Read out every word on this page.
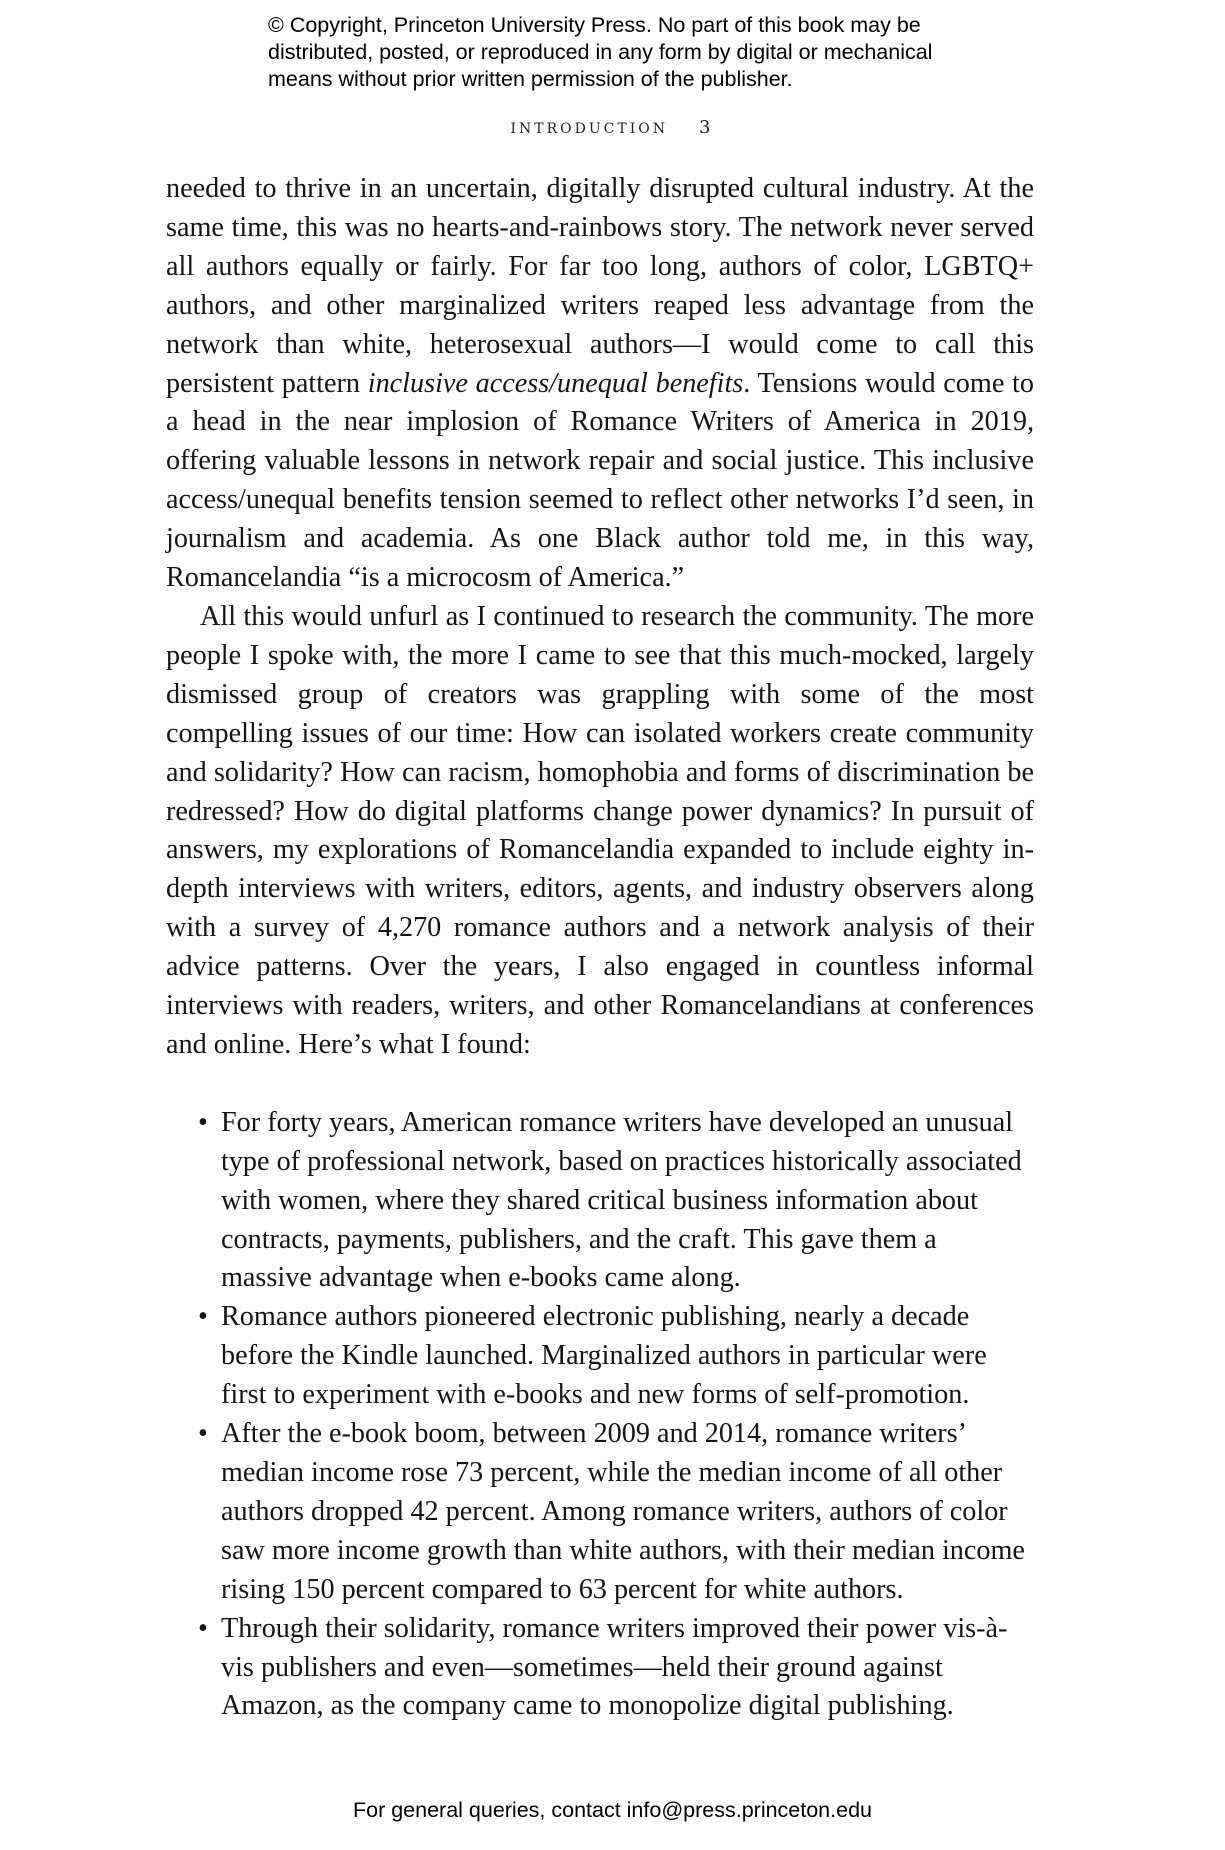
© Copyright, Princeton University Press. No part of this book may be
distributed, posted, or reproduced in any form by digital or mechanical
means without prior written permission of the publisher.
introduction 3

needed to thrive in an uncertain, digitally disrupted cultural industry. At the same time, this was no hearts-and-rainbows story. The network never served all authors equally or fairly. For far too long, authors of color, LGBTQ+ authors, and other marginalized writers reaped less advantage from the network than white, heterosexual authors—I would come to call this persistent pattern inclusive access/unequal benefits. Tensions would come to a head in the near implosion of Romance Writers of America in 2019, offering valuable lessons in network repair and social justice. This inclusive access/unequal benefits tension seemed to reflect other networks I’d seen, in journalism and academia. As one Black author told me, in this way, Romancelandia “is a microcosm of America.”

All this would unfurl as I continued to research the community. The more people I spoke with, the more I came to see that this much-mocked, largely dismissed group of creators was grappling with some of the most compelling issues of our time: How can isolated workers create community and solidarity? How can racism, homophobia and forms of discrimination be redressed? How do digital platforms change power dynamics? In pursuit of answers, my explorations of Romancelandia expanded to include eighty in-depth interviews with writers, editors, agents, and industry observers along with a survey of 4,270 romance authors and a network analysis of their advice patterns. Over the years, I also engaged in countless informal interviews with readers, writers, and other Romancelandians at conferences and online. Here’s what I found:

• For forty years, American romance writers have developed an unusual type of professional network, based on practices historically associated with women, where they shared critical business information about contracts, payments, publishers, and the craft. This gave them a massive advantage when e-books came along.
• Romance authors pioneered electronic publishing, nearly a decade before the Kindle launched. Marginalized authors in particular were first to experiment with e-books and new forms of self-promotion.
• After the e-book boom, between 2009 and 2014, romance writers’ median income rose 73 percent, while the median income of all other authors dropped 42 percent. Among romance writers, authors of color saw more income growth than white authors, with their median income rising 150 percent compared to 63 percent for white authors.
• Through their solidarity, romance writers improved their power vis-à-vis publishers and even—sometimes—held their ground against Amazon, as the company came to monopolize digital publishing.
For general queries, contact info@press.princeton.edu
